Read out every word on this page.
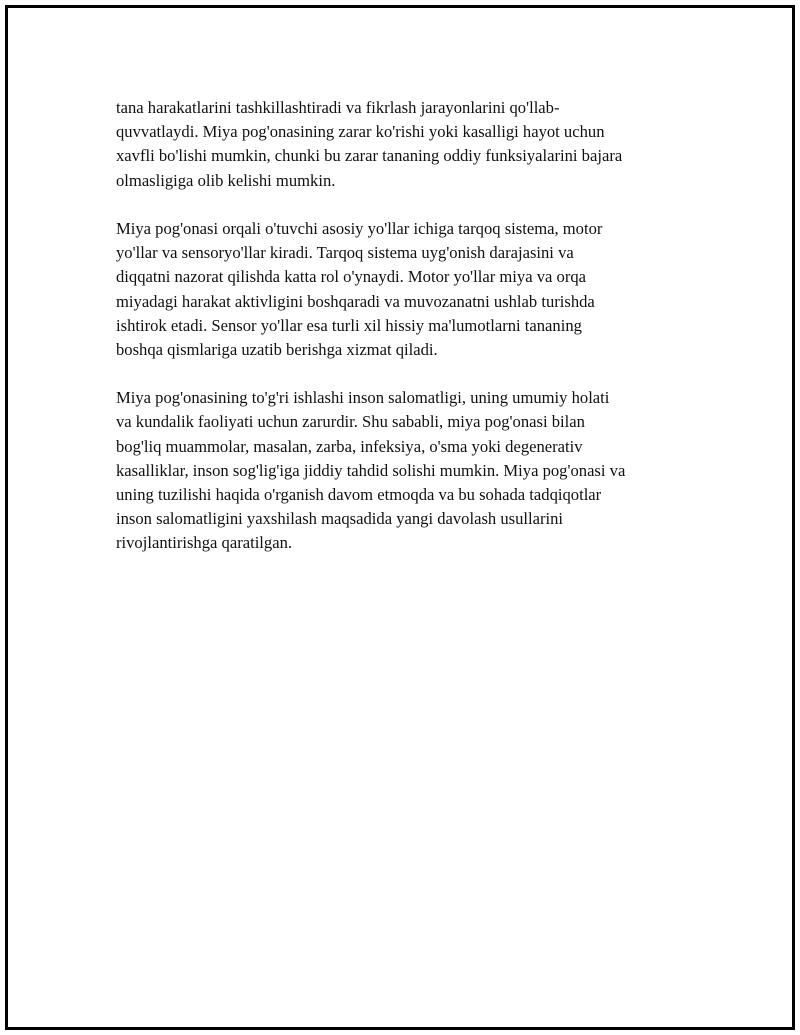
tana harakatlarini tashkillashtiradi va fikrlash jarayonlarini qo'llab-
quvvatlaydi. Miya pog'onasining zarar ko'rishi yoki kasalligi hayot uchun
xavfli bo'lishi mumkin, chunki bu zarar tananing oddiy funksiyalarini bajara
olmasligiga olib kelishi mumkin.

Miya pog'onasi orqali o'tuvchi asosiy yo'llar ichiga tarqoq sistema, motor
yo'llar va sensoryo'llar kiradi. Tarqoq sistema uyg'onish darajasini va
diqqatni nazorat qilishda katta rol o'ynaydi. Motor yo'llar miya va orqa
miyadagi harakat aktivligini boshqaradi va muvozanatni ushlab turishda
ishtirok etadi. Sensor yo'llar esa turli xil hissiy ma'lumotlarni tananing
boshqa qismlariga uzatib berishga xizmat qiladi.

Miya pog'onasining to'g'ri ishlashi inson salomatligi, uning umumiy holati
va kundalik faoliyati uchun zarurdir. Shu sababli, miya pog'onasi bilan
bog'liq muammolar, masalan, zarba, infeksiya, o'sma yoki degenerativ
kasalliklar, inson sog'lig'iga jiddiy tahdid solishi mumkin. Miya pog'onasi va
uning tuzilishi haqida o'rganish davom etmoqda va bu sohada tadqiqotlar
inson salomatligini yaxshilash maqsadida yangi davolash usullarini
rivojlantirishga qaratilgan.
